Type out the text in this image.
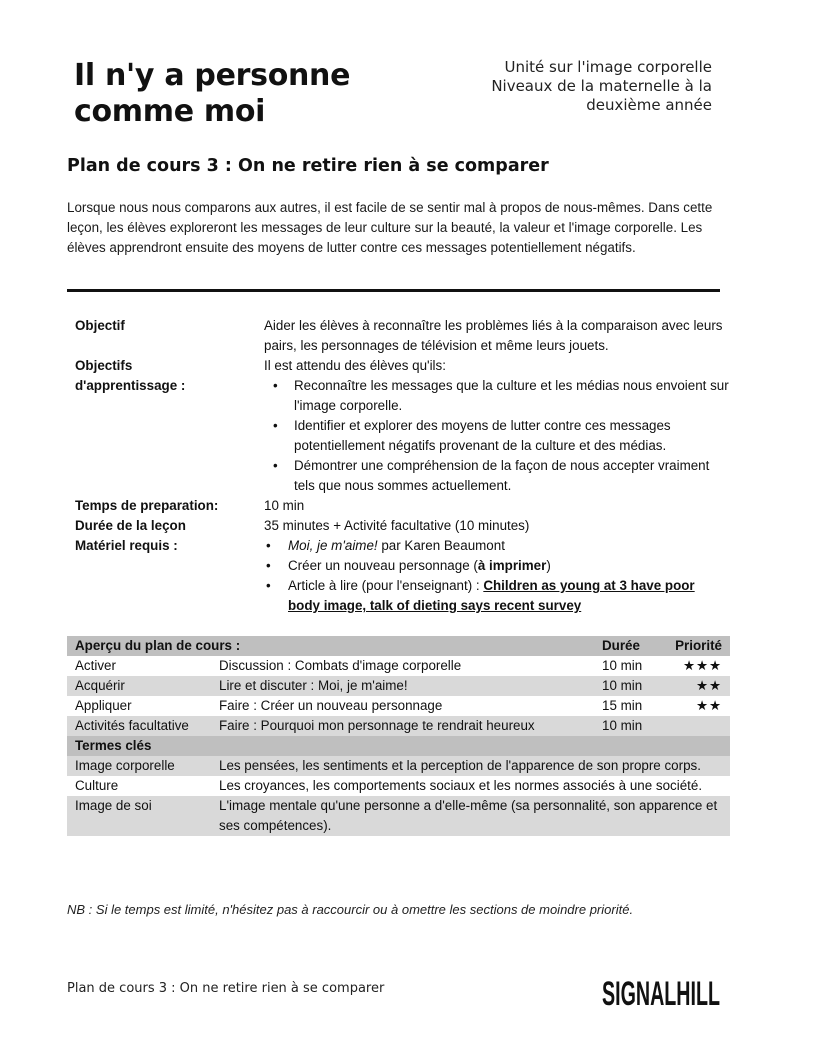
Il n'y a personne
comme moi
Unité sur l'image corporelle
Niveaux de la maternelle à la
deuxième année
Plan de cours 3 : On ne retire rien à se comparer
Lorsque nous nous comparons aux autres, il est facile de se sentir mal à propos de nous-mêmes. Dans cette leçon, les élèves exploreront les messages de leur culture sur la beauté, la valeur et l'image corporelle. Les élèves apprendront ensuite des moyens de lutter contre ces messages potentiellement négatifs.
Objectif	Aider les élèves à reconnaître les problèmes liés à la comparaison avec leurs pairs, les personnages de télévision et même leurs jouets.
Objectifs
d'apprentissage :
Il est attendu des élèves qu'ils:
• Reconnaître les messages que la culture et les médias nous envoient sur l'image corporelle.
• Identifier et explorer des moyens de lutter contre ces messages potentiellement négatifs provenant de la culture et des médias.
• Démontrer une compréhension de la façon de nous accepter vraiment tels que nous sommes actuellement.
Temps de preparation:	10 min
Durée de la leçon	35 minutes + Activité facultative (10 minutes)
Matériel requis :
•	Moi, je m'aime! par Karen Beaumont
• Créer un nouveau personnage (à imprimer)
• Article à lire (pour l'enseignant) : Children as young at 3 have poor body image, talk of dieting says recent survey
Aperçu du plan de cours :	Durée	Priorité
Activer	Discussion : Combats d'image corporelle	10 min	★★★
Acquérir	Lire et discuter : Moi, je m'aime!	10 min	★★
Appliquer	Faire : Créer un nouveau personnage	15 min	★★
Activités facultative	Faire : Pourquoi mon personnage te rendrait heureux	10 min
Termes clés
Image corporelle	Les pensées, les sentiments et la perception de l'apparence de son propre corps.
Culture	Les croyances, les comportements sociaux et les normes associés à une société.
Image de soi	L'image mentale qu'une personne a d'elle-même (sa personnalité, son apparence et ses compétences).
NB : Si le temps est limité, n'hésitez pas à raccourcir ou à omettre les sections de moindre priorité.
Plan de cours 3 : On ne retire rien à se comparer	SIGNALHILL
